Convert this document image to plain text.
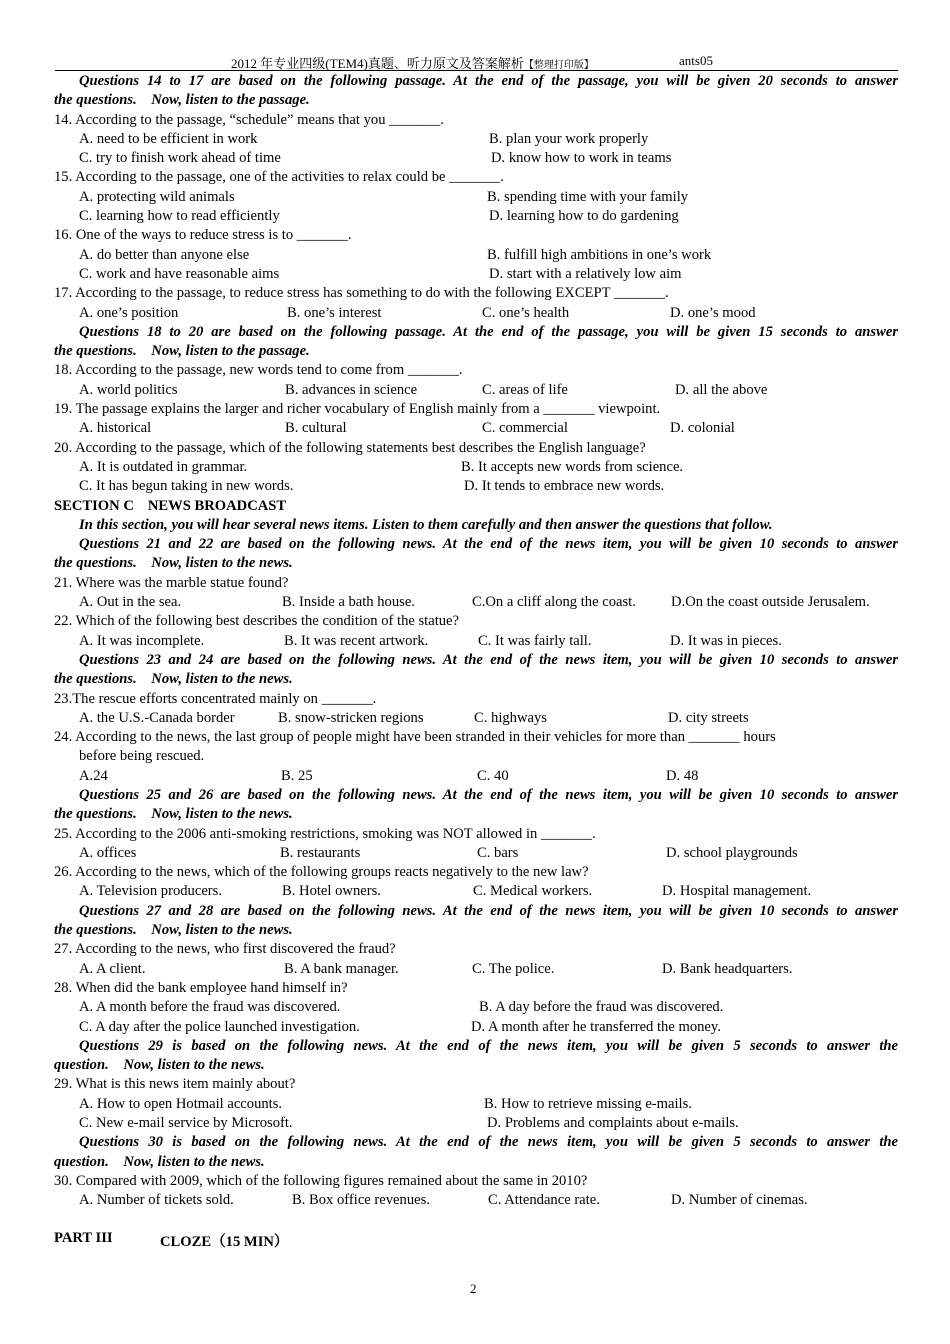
2012 年专业四级(TEM4)真题、听力原文及答案解析【整理打印版】	ants05
Questions 14 to 17 are based on the following passage. At the end of the passage, you will be given 20 seconds to answer
the questions.    Now, listen to the passage.
14. According to the passage, “schedule” means that you _______.
A. need to be efficient in work	B. plan your work properly
C. try to finish work ahead of time	D. know how to work in teams
15. According to the passage, one of the activities to relax could be _______.
A. protecting wild animals	B. spending time with your family
C. learning how to read efficiently	D. learning how to do gardening
16. One of the ways to reduce stress is to _______.
A. do better than anyone else	B. fulfill high ambitions in one’s work
C. work and have reasonable aims	D. start with a relatively low aim
17. According to the passage, to reduce stress has something to do with the following EXCEPT _______.
A. one’s position	B. one’s interest	C. one’s health	D. one’s mood
Questions 18 to 20 are based on the following passage. At the end of the passage, you will be given 15 seconds to answer
the questions.    Now, listen to the passage.
18. According to the passage, new words tend to come from _______.
A. world politics	B. advances in science	C. areas of life	D. all the above
19. The passage explains the larger and richer vocabulary of English mainly from a _______ viewpoint.
A. historical	B. cultural	C. commercial	D. colonial
20. According to the passage, which of the following statements best describes the English language?
A. It is outdated in grammar.	B. It accepts new words from science.
C. It has begun taking in new words.	D. It tends to embrace new words.
SECTION C NEWS BROADCAST
In this section, you will hear several news items. Listen to them carefully and then answer the questions that follow.
Questions 21 and 22 are based on the following news. At the end of the news item, you will be given 10 seconds to answer
the questions.    Now, listen to the news.
21. Where was the marble statue found?
A. Out in the sea.	B. Inside a bath house.	C.On a cliff along the coast. D.On the coast outside Jerusalem.
22. Which of the following best describes the condition of the statue?
A. It was incomplete.	B. It was recent artwork.	C. It was fairly tall.	D. It was in pieces.
Questions 23 and 24 are based on the following news. At the end of the news item, you will be given 10 seconds to answer
the questions.    Now, listen to the news.
23.The rescue efforts concentrated mainly on _______.
A. the U.S.-Canada border	B. snow-stricken regions	C. highways	D. city streets
24. According to the news, the last group of people might have been stranded in their vehicles for more than _______ hours
before being rescued.
A.24	B. 25	C. 40	D. 48
Questions 25 and 26 are based on the following news. At the end of the news item, you will be given 10 seconds to answer
the questions.    Now, listen to the news.
25. According to the 2006 anti-smoking restrictions, smoking was NOT allowed in _______.
A. offices	B. restaurants	C. bars	D. school playgrounds
26. According to the news, which of the following groups reacts negatively to the new law?
A. Television producers.	B. Hotel owners.	C. Medical workers.	D. Hospital management.
Questions 27 and 28 are based on the following news. At the end of the news item, you will be given 10 seconds to answer
the questions.    Now, listen to the news.
27. According to the news, who first discovered the fraud?
A. A client.	B. A bank manager.	C. The police.	D. Bank headquarters.
28. When did the bank employee hand himself in?
A. A month before the fraud was discovered.	B. A day before the fraud was discovered.
C. A day after the police launched investigation.	D. A month after he transferred the money.
Questions 29 is based on the following news. At the end of the news item, you will be given 5 seconds to answer the
question.    Now, listen to the news.
29. What is this news item mainly about?
A. How to open Hotmail accounts.	B. How to retrieve missing e-mails.
C. New e-mail service by Microsoft.	D. Problems and complaints about e-mails.
Questions 30 is based on the following news. At the end of the news item, you will be given 5 seconds to answer the
question.    Now, listen to the news.
30. Compared with 2009, which of the following figures remained about the same in 2010?
A. Number of tickets sold.	B. Box office revenues.	C. Attendance rate.	D. Number of cinemas.
PART III	CLOZE（15 MIN）
2
